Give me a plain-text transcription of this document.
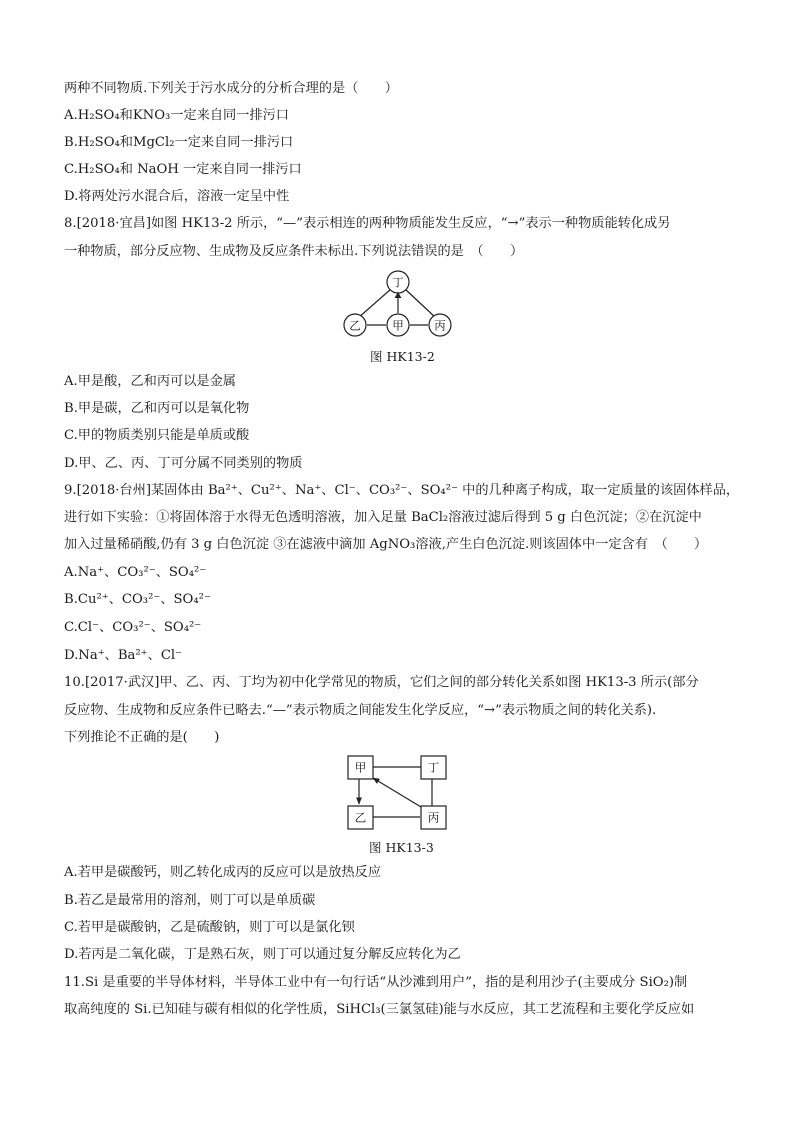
两种不同物质.下列关于污水成分的分析合理的是（　　）
A.H₂SO₄和KNO₃一定来自同一排污口
B.H₂SO₄和MgCl₂一定来自同一排污口
C.H₂SO₄和 NaOH 一定来自同一排污口
D.将两处污水混合后，溶液一定呈中性
8.[2018·宜昌]如图 HK13-2 所示，“—”表示相连的两种物质能发生反应，“→”表示一种物质能转化成另
一种物质，部分反应物、生成物及反应条件未标出.下列说法错误的是　（　　）
丁
乙	甲	丙
图 HK13-2
A.甲是酸，乙和丙可以是金属
B.甲是碳，乙和丙可以是氧化物
C.甲的物质类别只能是单质或酸
D.甲、乙、丙、丁可分属不同类别的物质
9.[2018·台州]某固体由 Ba²⁺、Cu²⁺、Na⁺、Cl⁻、CO₃²⁻、SO₄²⁻ 中的几种离子构成，取一定质量的该固体样品，
进行如下实验：①将固体溶于水得无色透明溶液，加入足量 BaCl₂溶液过滤后得到 5 g 白色沉淀；②在沉淀中
加入过量稀硝酸,仍有 3 g 白色沉淀 ③在滤液中滴加 AgNO₃溶液,产生白色沉淀.则该固体中一定含有　（　　）
A.Na⁺、CO₃²⁻、SO₄²⁻
B.Cu²⁺、CO₃²⁻、SO₄²⁻
C.Cl⁻、CO₃²⁻、SO₄²⁻
D.Na⁺、Ba²⁺、Cl⁻
10.[2017·武汉]甲、乙、丙、丁均为初中化学常见的物质，它们之间的部分转化关系如图 HK13-3 所示(部分
反应物、生成物和反应条件已略去.“—”表示物质之间能发生化学反应，“→”表示物质之间的转化关系).
下列推论不正确的是(　　)
甲	丁
乙	丙
图 HK13-3
A.若甲是碳酸钙，则乙转化成丙的反应可以是放热反应
B.若乙是最常用的溶剂，则丁可以是单质碳
C.若甲是碳酸钠，乙是硫酸钠，则丁可以是氯化钡
D.若丙是二氧化碳，丁是熟石灰，则丁可以通过复分解反应转化为乙
11.Si 是重要的半导体材料，半导体工业中有一句行话“从沙滩到用户”，指的是利用沙子(主要成分 SiO₂)制
取高纯度的 Si.已知硅与碳有相似的化学性质，SiHCl₃(三氯氢硅)能与水反应，其工艺流程和主要化学反应如
